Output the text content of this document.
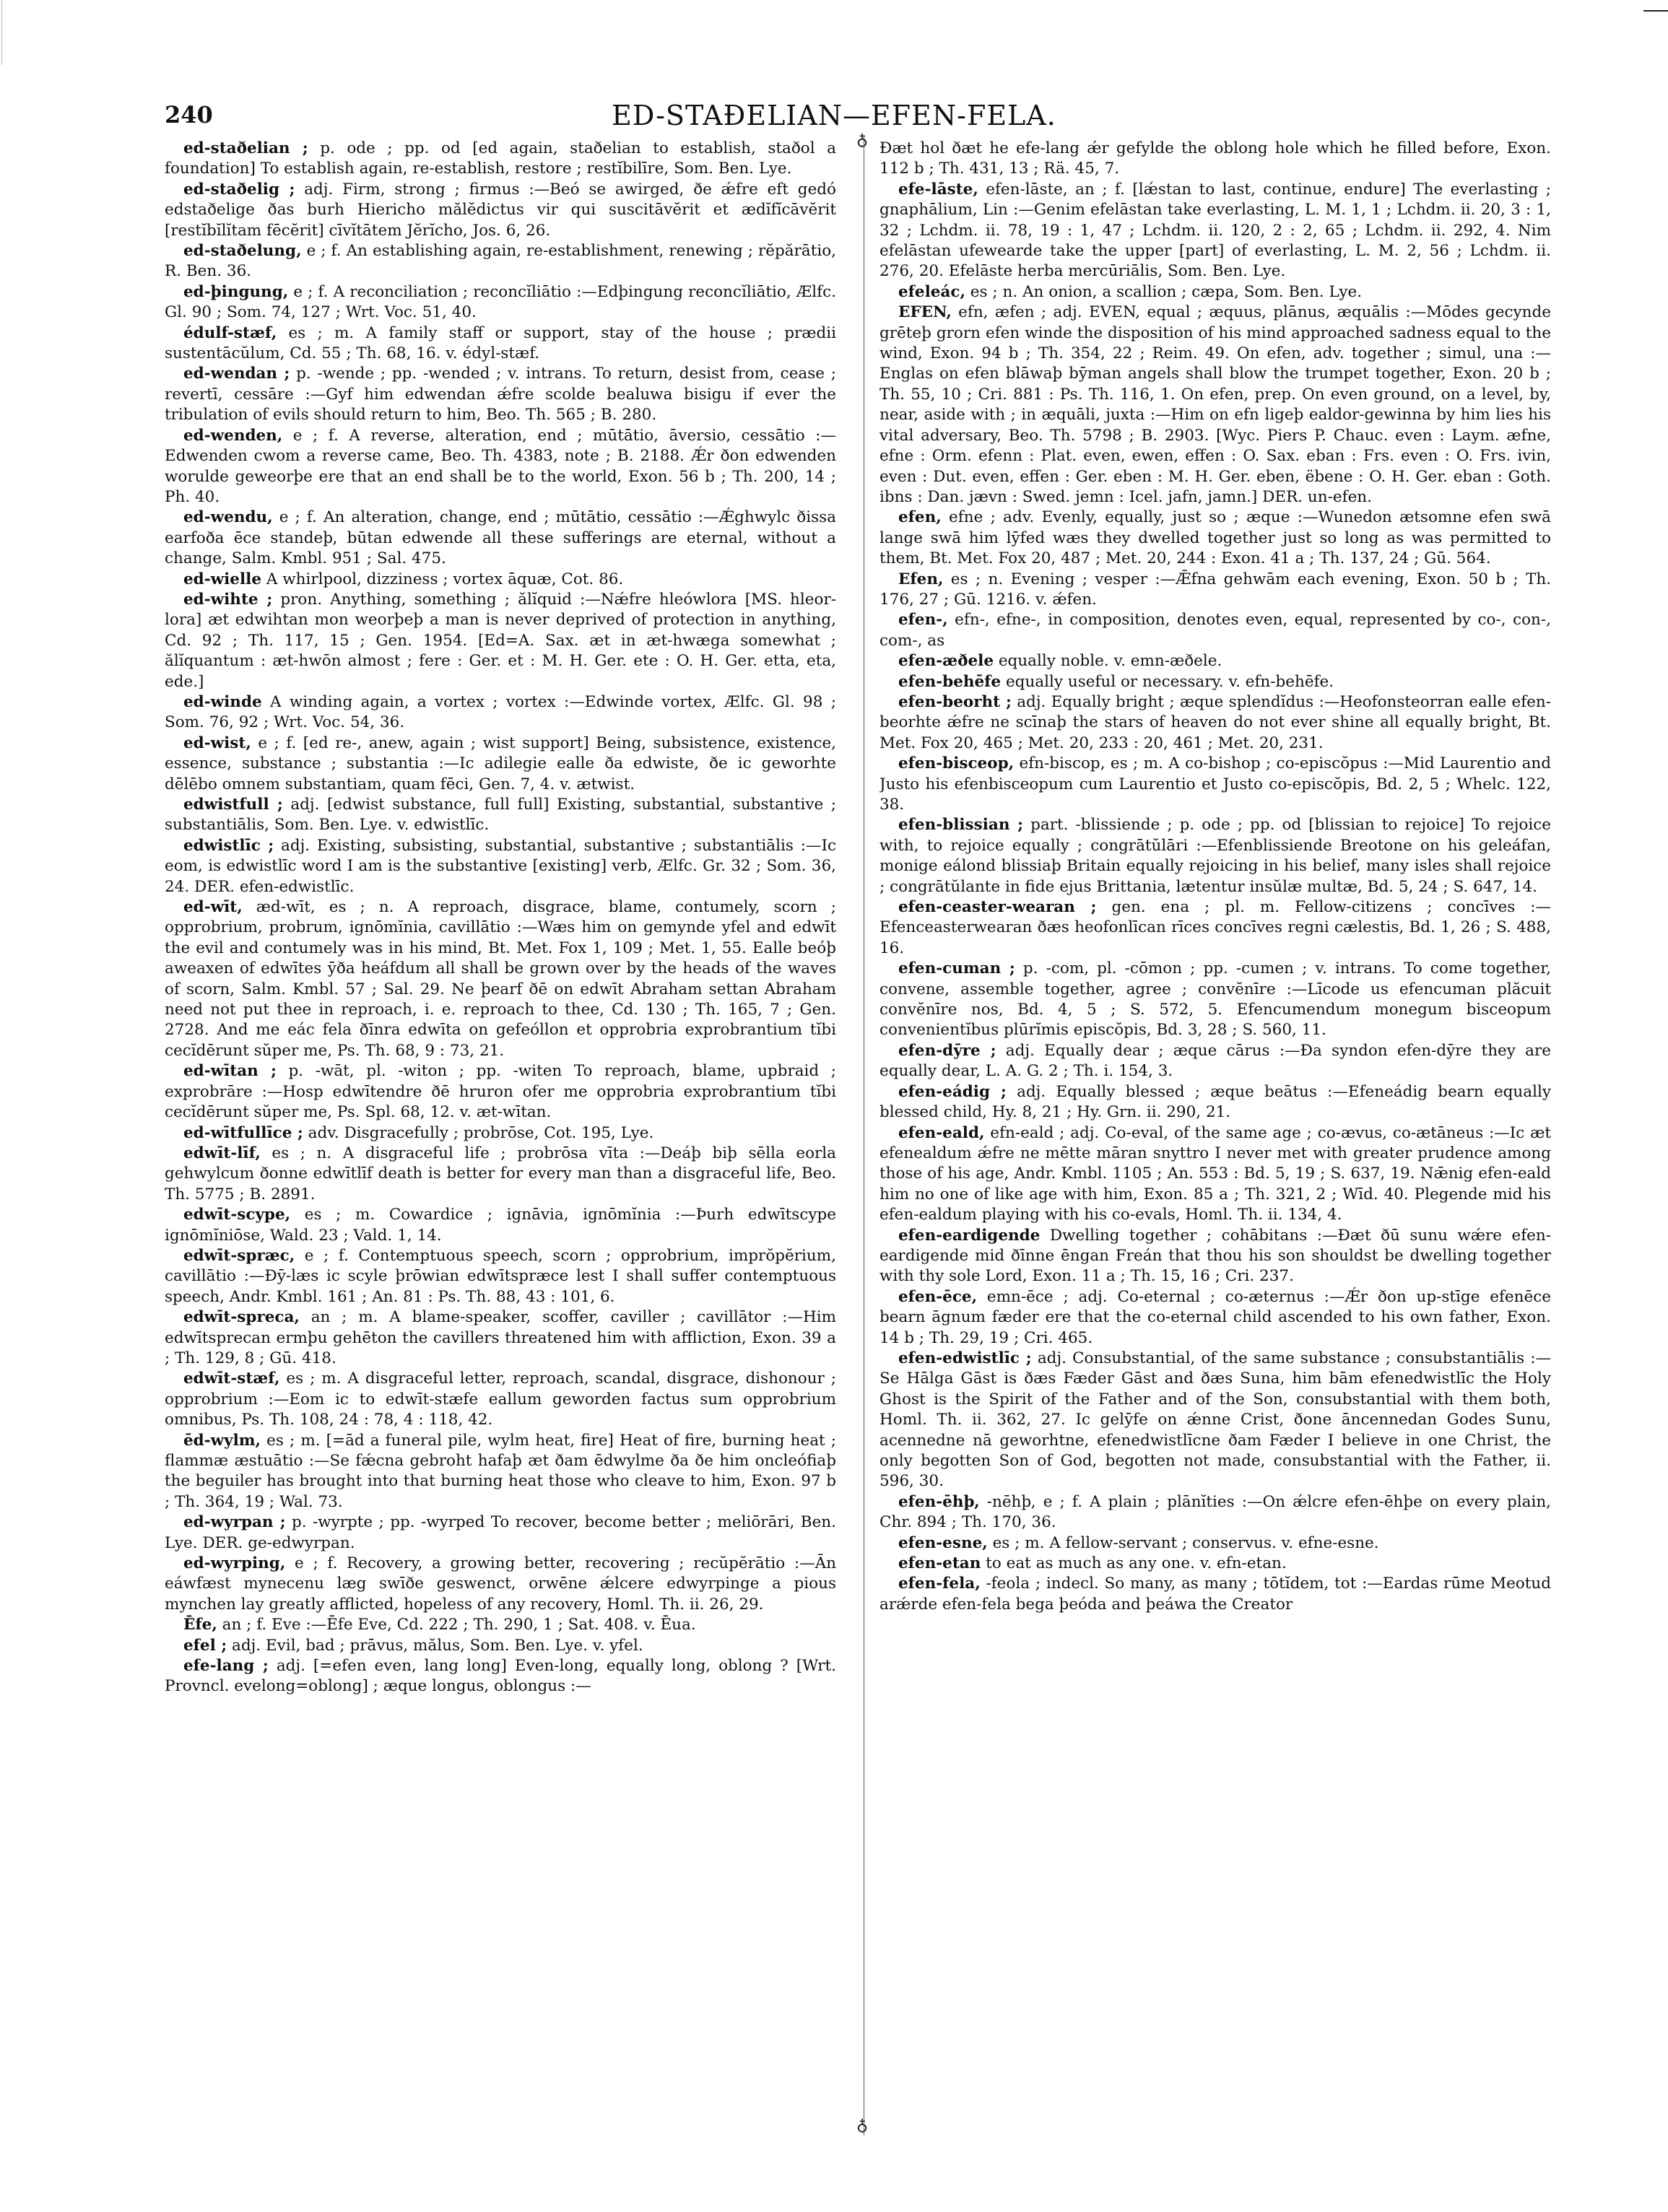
240	ED-STAĐELIAN—EFEN-FELA.
♁
♁

ed-staðelian ; p. ode ; pp. od [ed again, staðelian to establish, staðol a foundation] To establish again, re-establish, restore ; restĭbilīre, Som. Ben. Lye.

ed-staðelig ; adj. Firm, strong ; firmus :—Beó se awirged, ðe ǽfre eft gedó edstaðelige ðas burh Hiericho mălĕdictus vir qui suscitāvĕrit et ædĭfĭcāvĕrit [restĭbĭlĭtam fēcĕrit] cīvĭtātem Jĕrĭcho, Jos. 6, 26.

ed-staðelung, e ; f. An establishing again, re-establishment, renewing ; rĕpărātio, R. Ben. 36.

ed-þingung, e ; f. A reconciliation ; reconcĭliātio :—Edþingung reconcĭliātio, Ælfc. Gl. 90 ; Som. 74, 127 ; Wrt. Voc. 51, 40.

édulf-stæf, es ; m. A family staff or support, stay of the house ; prædii sustentācŭlum, Cd. 55 ; Th. 68, 16. v. édyl-stæf.

ed-wendan ; p. -wende ; pp. -wended ; v. intrans. To return, desist from, cease ; revertī, cessāre :—Gyf him edwendan ǽfre scolde bealuwa bisigu if ever the tribulation of evils should return to him, Beo. Th. 565 ; B. 280.

ed-wenden, e ; f. A reverse, alteration, end ; mūtātio, āversio, cessātio :—Edwenden cwom a reverse came, Beo. Th. 4383, note ; B. 2188. Ǽr ðon edwenden worulde geweorþe ere that an end shall be to the world, Exon. 56 b ; Th. 200, 14 ; Ph. 40.

ed-wendu, e ; f. An alteration, change, end ; mūtātio, cessātio :—Ǽghwylc ðissa earfoða ēce standeþ, būtan edwende all these sufferings are eternal, without a change, Salm. Kmbl. 951 ; Sal. 475.

ed-wielle A whirlpool, dizziness ; vortex āquæ, Cot. 86.

ed-wihte ; pron. Anything, something ; ălĭquid :—Nǽfre hleówlora [MS. hleor-lora] æt edwihtan mon weorþeþ a man is never deprived of protection in anything, Cd. 92 ; Th. 117, 15 ; Gen. 1954. [Ed=A. Sax. æt in æt-hwæga somewhat ; ălĭquantum : æt-hwōn almost ; fere : Ger. et : M. H. Ger. ete : O. H. Ger. etta, eta, ede.]

ed-winde A winding again, a vortex ; vortex :—Edwinde vortex, Ælfc. Gl. 98 ; Som. 76, 92 ; Wrt. Voc. 54, 36.

ed-wist, e ; f. [ed re-, anew, again ; wist support] Being, subsistence, existence, essence, substance ; substantia :—Ic adilegie ealle ða edwiste, ðe ic geworhte dēlēbo omnem substantiam, quam fēci, Gen. 7, 4. v. ætwist.

edwistfull ; adj. [edwist substance, full full] Existing, substantial, substantive ; substantiālis, Som. Ben. Lye. v. edwistlīc.

edwistlīc ; adj. Existing, subsisting, substantial, substantive ; substantiālis :—Ic eom, is edwistlīc word I am is the substantive [existing] verb, Ælfc. Gr. 32 ; Som. 36, 24. DER. efen-edwistlīc.

ed-wīt, æd-wīt, es ; n. A reproach, disgrace, blame, contumely, scorn ; opprobrium, probrum, ignōmĭnia, cavillātio :—Wæs him on gemynde yfel and edwīt the evil and contumely was in his mind, Bt. Met. Fox 1, 109 ; Met. 1, 55. Ealle beóþ aweaxen of edwītes ȳða heáfdum all shall be grown over by the heads of the waves of scorn, Salm. Kmbl. 57 ; Sal. 29. Ne þearf ðē on edwīt Abraham settan Abraham need not put thee in reproach, i. e. reproach to thee, Cd. 130 ; Th. 165, 7 ; Gen. 2728. And me eác fela ðīnra edwīta on gefeóllon et opprobria exprobrantium tĭbi cecĭdērunt sŭper me, Ps. Th. 68, 9 : 73, 21.

ed-wītan ; p. -wāt, pl. -witon ; pp. -witen To reproach, blame, upbraid ; exprobrāre :—Hosp edwītendre ðē hruron ofer me opprobria exprobrantium tĭbi cecĭdērunt sŭper me, Ps. Spl. 68, 12. v. æt-wītan.

ed-wītfullīce ; adv. Disgracefully ; probrōse, Cot. 195, Lye.

edwīt-līf, es ; n. A disgraceful life ; probrōsa vīta :—Deáþ biþ sēlla eorla gehwylcum ðonne edwītlīf death is better for every man than a disgraceful life, Beo. Th. 5775 ; B. 2891.

edwīt-scype, es ; m. Cowardice ; ignāvia, ignōmĭnia :—Þurh edwītscype ignōmĭniōse, Wald. 23 ; Vald. 1, 14.

edwīt-spræc, e ; f. Contemptuous speech, scorn ; opprobrium, imprŏpĕrium, cavillātio :—Ðȳ-læs ic scyle þrōwian edwītspræce lest I shall suffer contemptuous speech, Andr. Kmbl. 161 ; An. 81 : Ps. Th. 88, 43 : 101, 6.

edwīt-spreca, an ; m. A blame-speaker, scoffer, caviller ; cavillātor :—Him edwītsprecan ermþu gehēton the cavillers threatened him with affliction, Exon. 39 a ; Th. 129, 8 ; Gū. 418.

edwīt-stæf, es ; m. A disgraceful letter, reproach, scandal, disgrace, dishonour ; opprobrium :—Eom ic to edwīt-stæfe eallum geworden factus sum opprobrium omnibus, Ps. Th. 108, 24 : 78, 4 : 118, 42.

ēd-wylm, es ; m. [=ād a funeral pile, wylm heat, fire] Heat of fire, burning heat ; flammæ æstuātio :—Se fǽcna gebroht hafaþ æt ðam ēdwylme ða ðe him oncleófiaþ the beguiler has brought into that burning heat those who cleave to him, Exon. 97 b ; Th. 364, 19 ; Wal. 73.

ed-wyrpan ; p. -wyrpte ; pp. -wyrped To recover, become better ; meliōrāri, Ben. Lye. DER. ge-edwyrpan.

ed-wyrping, e ; f. Recovery, a growing better, recovering ; recŭpĕrātio :—Ān eáwfæst mynecenu læg swīðe geswenct, orwēne ǽlcere edwyrpinge a pious mynchen lay greatly afflicted, hopeless of any recovery, Homl. Th. ii. 26, 29.

Ēfe, an ; f. Eve :—Ēfe Eve, Cd. 222 ; Th. 290, 1 ; Sat. 408. v. Ēua.

efel ; adj. Evil, bad ; prāvus, mălus, Som. Ben. Lye. v. yfel.

efe-lang ; adj. [=efen even, lang long] Even-long, equally long, oblong ? [Wrt. Provncl. evelong=oblong] ; æque longus, oblongus :—

Ðæt hol ðæt he efe-lang ǽr gefylde the oblong hole which he filled before, Exon. 112 b ; Th. 431, 13 ; Rä. 45, 7.

efe-lāste, efen-lāste, an ; f. [lǽstan to last, continue, endure] The everlasting ; gnaphālium, Lin :—Genim efelāstan take everlasting, L. M. 1, 1 ; Lchdm. ii. 20, 3 : 1, 32 ; Lchdm. ii. 78, 19 : 1, 47 ; Lchdm. ii. 120, 2 : 2, 65 ; Lchdm. ii. 292, 4. Nim efelāstan ufewearde take the upper [part] of everlasting, L. M. 2, 56 ; Lchdm. ii. 276, 20. Efelāste herba mercūriālis, Som. Ben. Lye.

efeleác, es ; n. An onion, a scallion ; cæpa, Som. Ben. Lye.

EFEN, efn, æfen ; adj. EVEN, equal ; æquus, plānus, æquālis :—Mōdes gecynde grēteþ grorn efen winde the disposition of his mind approached sadness equal to the wind, Exon. 94 b ; Th. 354, 22 ; Reim. 49. On efen, adv. together ; simul, una :—Englas on efen blāwaþ bȳman angels shall blow the trumpet together, Exon. 20 b ; Th. 55, 10 ; Cri. 881 : Ps. Th. 116, 1. On efen, prep. On even ground, on a level, by, near, aside with ; in æquāli, juxta :—Him on efn ligeþ ealdor-gewinna by him lies his vital adversary, Beo. Th. 5798 ; B. 2903. [Wyc. Piers P. Chauc. even : Laym. æfne, efne : Orm. efenn : Plat. even, ewen, effen : O. Sax. eban : Frs. even : O. Frs. ivin, even : Dut. even, effen : Ger. eben : M. H. Ger. eben, ëbene : O. H. Ger. eban : Goth. ibns : Dan. jævn : Swed. jemn : Icel. jafn, jamn.] DER. un-efen.

efen, efne ; adv. Evenly, equally, just so ; æque :—Wunedon ætsomne efen swā lange swā him lȳfed wæs they dwelled together just so long as was permitted to them, Bt. Met. Fox 20, 487 ; Met. 20, 244 : Exon. 41 a ; Th. 137, 24 ; Gū. 564.

Efen, es ; n. Evening ; vesper :—Ǣfna gehwām each evening, Exon. 50 b ; Th. 176, 27 ; Gū. 1216. v. ǽfen.

efen-, efn-, efne-, in composition, denotes even, equal, represented by co-, con-, com-, as

efen-æðele equally noble. v. emn-æðele.

efen-behēfe equally useful or necessary. v. efn-behēfe.

efen-beorht ; adj. Equally bright ; æque splendĭdus :—Heofonsteorran ealle efen-beorhte ǽfre ne scīnaþ the stars of heaven do not ever shine all equally bright, Bt. Met. Fox 20, 465 ; Met. 20, 233 : 20, 461 ; Met. 20, 231.

efen-bisceop, efn-biscop, es ; m. A co-bishop ; co-episcŏpus :—Mid Laurentio and Justo his efenbisceopum cum Laurentio et Justo co-episcŏpis, Bd. 2, 5 ; Whelc. 122, 38.

efen-blissian ; part. -blissiende ; p. ode ; pp. od [blissian to rejoice] To rejoice with, to rejoice equally ; congrātŭlāri :—Efenblissiende Breotone on his geleáfan, monige eálond blissiaþ Britain equally rejoicing in his belief, many isles shall rejoice ; congrātŭlante in fide ejus Brittania, lætentur insŭlæ multæ, Bd. 5, 24 ; S. 647, 14.

efen-ceaster-wearan ; gen. ena ; pl. m. Fellow-citizens ; concīves :—Efenceasterwearan ðæs heofonlīcan rīces concīves regni cælestis, Bd. 1, 26 ; S. 488, 16.

efen-cuman ; p. -com, pl. -cōmon ; pp. -cumen ; v. intrans. To come together, convene, assemble together, agree ; convĕnīre :—Līcode us efencuman plăcuit convĕnīre nos, Bd. 4, 5 ; S. 572, 5. Efencumendum monegum bisceopum convenientĭbus plūrĭmis episcŏpis, Bd. 3, 28 ; S. 560, 11.

efen-dȳre ; adj. Equally dear ; æque cārus :—Ða syndon efen-dȳre they are equally dear, L. A. G. 2 ; Th. i. 154, 3.

efen-eádig ; adj. Equally blessed ; æque beātus :—Efeneádig bearn equally blessed child, Hy. 8, 21 ; Hy. Grn. ii. 290, 21.

efen-eald, efn-eald ; adj. Co-eval, of the same age ; co-ævus, co-ætāneus :—Ic æt efenealdum ǽfre ne mētte māran snyttro I never met with greater prudence among those of his age, Andr. Kmbl. 1105 ; An. 553 : Bd. 5, 19 ; S. 637, 19. Nǣnig efen-eald him no one of like age with him, Exon. 85 a ; Th. 321, 2 ; Wīd. 40. Plegende mid his efen-ealdum playing with his co-evals, Homl. Th. ii. 134, 4.

efen-eardigende Dwelling together ; cohābitans :—Ðæt ðū sunu wǽre efen-eardigende mid ðīnne ēngan Freán that thou his son shouldst be dwelling together with thy sole Lord, Exon. 11 a ; Th. 15, 16 ; Cri. 237.

efen-ēce, emn-ēce ; adj. Co-eternal ; co-æternus :—Ǽr ðon up-stīge efenēce bearn āgnum fæder ere that the co-eternal child ascended to his own father, Exon. 14 b ; Th. 29, 19 ; Cri. 465.

efen-edwistlīc ; adj. Consubstantial, of the same substance ; consubstantiālis :—Se Hālga Gāst is ðæs Fæder Gāst and ðæs Suna, him bām efenedwistlīc the Holy Ghost is the Spirit of the Father and of the Son, consubstantial with them both, Homl. Th. ii. 362, 27. Ic gelȳfe on ǽnne Crist, ðone āncennedan Godes Sunu, acennedne nā geworhtne, efenedwistlīcne ðam Fæder I believe in one Christ, the only begotten Son of God, begotten not made, consubstantial with the Father, ii. 596, 30.

efen-ēhþ, -nēhþ, e ; f. A plain ; plānĭties :—On ǽlcre efen-ēhþe on every plain, Chr. 894 ; Th. 170, 36.

efen-esne, es ; m. A fellow-servant ; conservus. v. efne-esne.

efen-etan to eat as much as any one. v. efn-etan.

efen-fela, -feola ; indecl. So many, as many ; tōtĭdem, tot :—Eardas rūme Meotud arǽrde efen-fela bega þeóda and þeáwa the Creator
